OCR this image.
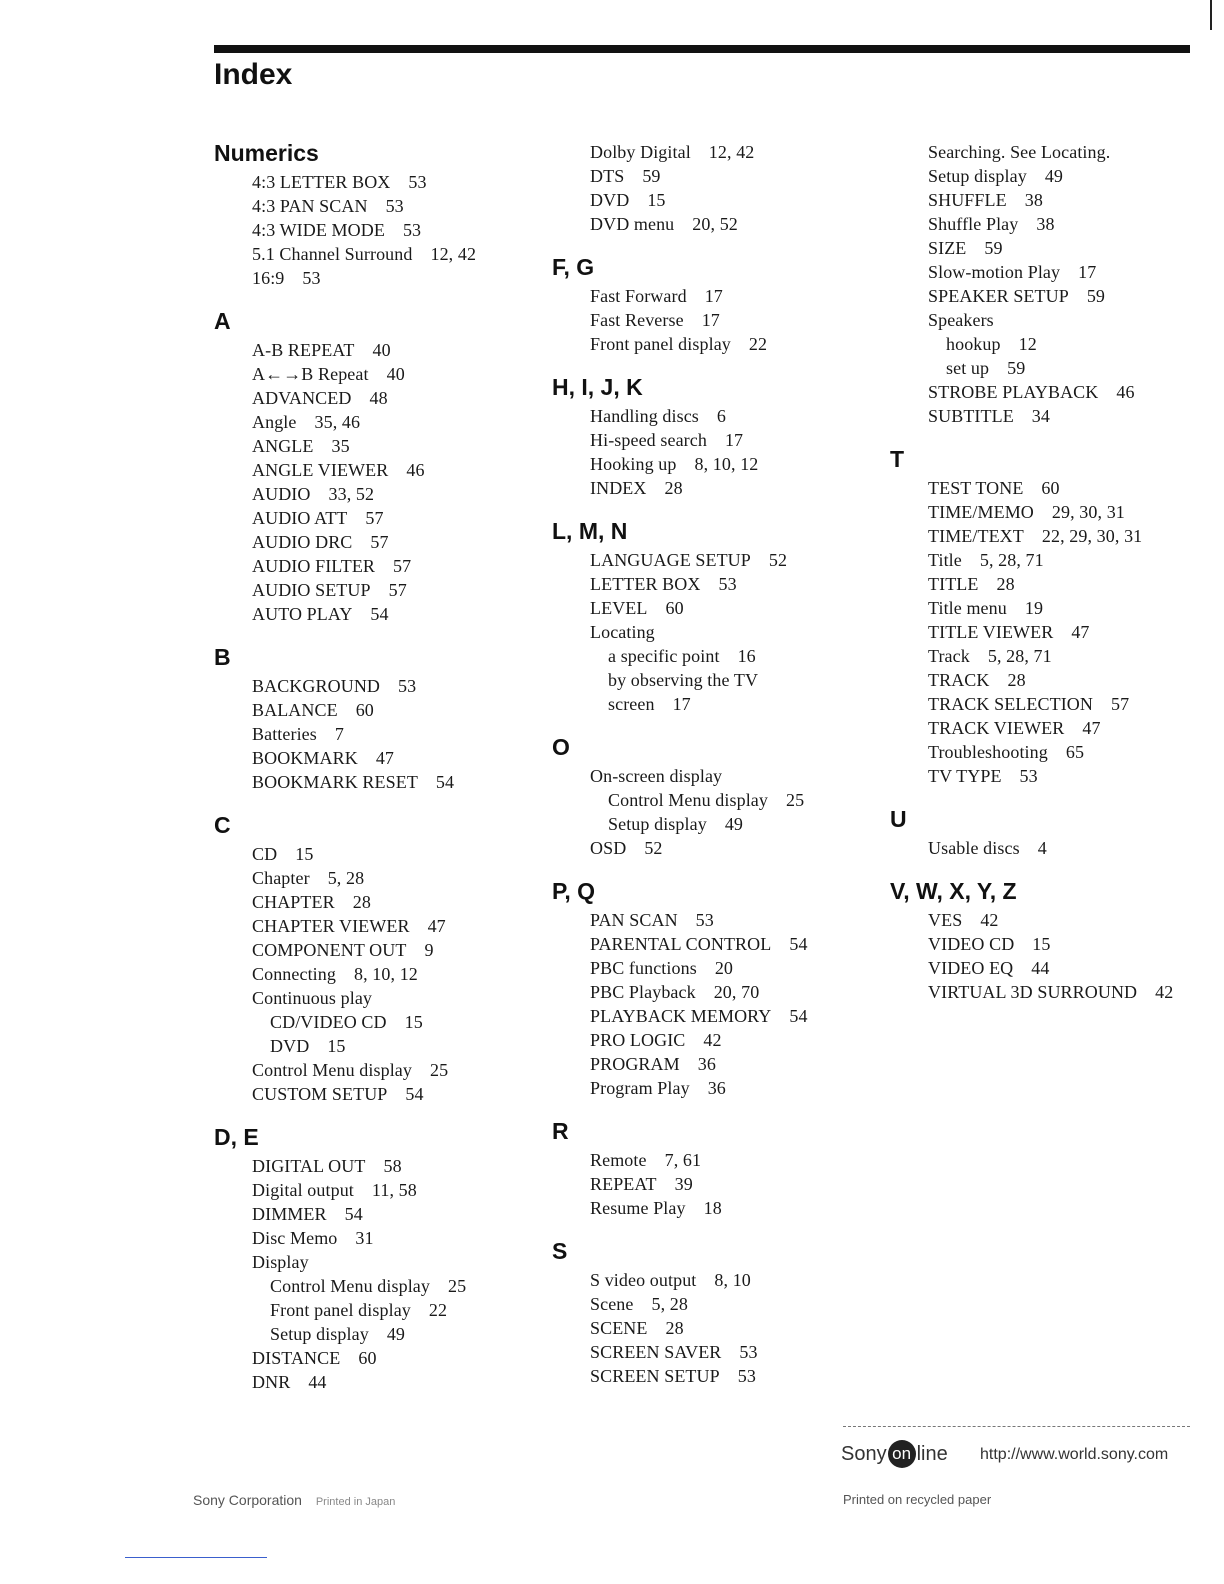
Index
Numerics
4:3 LETTER BOX 53
4:3 PAN SCAN 53
4:3 WIDE MODE 53
5.1 Channel Surround 12, 42
16:9 53
A
A-B REPEAT 40
A←→B Repeat 40
ADVANCED 48
Angle 35, 46
ANGLE 35
ANGLE VIEWER 46
AUDIO 33, 52
AUDIO ATT 57
AUDIO DRC 57
AUDIO FILTER 57
AUDIO SETUP 57
AUTO PLAY 54
B
BACKGROUND 53
BALANCE 60
Batteries 7
BOOKMARK 47
BOOKMARK RESET 54
C
CD 15
Chapter 5, 28
CHAPTER 28
CHAPTER VIEWER 47
COMPONENT OUT 9
Connecting 8, 10, 12
Continuous play
CD/VIDEO CD 15
DVD 15
Control Menu display 25
CUSTOM SETUP 54
D, E
DIGITAL OUT 58
Digital output 11, 58
DIMMER 54
Disc Memo 31
Display
Control Menu display 25
Front panel display 22
Setup display 49
DISTANCE 60
DNR 44
Dolby Digital 12, 42
DTS 59
DVD 15
DVD menu 20, 52
F, G
Fast Forward 17
Fast Reverse 17
Front panel display 22
H, I, J, K
Handling discs 6
Hi-speed search 17
Hooking up 8, 10, 12
INDEX 28
L, M, N
LANGUAGE SETUP 52
LETTER BOX 53
LEVEL 60
Locating
a specific point 16
by observing the TV
screen 17
O
On-screen display
Control Menu display 25
Setup display 49
OSD 52
P, Q
PAN SCAN 53
PARENTAL CONTROL 54
PBC functions 20
PBC Playback 20, 70
PLAYBACK MEMORY 54
PRO LOGIC 42
PROGRAM 36
Program Play 36
R
Remote 7, 61
REPEAT 39
Resume Play 18
S
S video output 8, 10
Scene 5, 28
SCENE 28
SCREEN SAVER 53
SCREEN SETUP 53
Searching. See Locating.
Setup display 49
SHUFFLE 38
Shuffle Play 38
SIZE 59
Slow-motion Play 17
SPEAKER SETUP 59
Speakers
hookup 12
set up 59
STROBE PLAYBACK 46
SUBTITLE 34
T
TEST TONE 60
TIME/MEMO 29, 30, 31
TIME/TEXT 22, 29, 30, 31
Title 5, 28, 71
TITLE 28
Title menu 19
TITLE VIEWER 47
Track 5, 28, 71
TRACK 28
TRACK SELECTION 57
TRACK VIEWER 47
Troubleshooting 65
TV TYPE 53
U
Usable discs 4
V, W, X, Y, Z
VES 42
VIDEO CD 15
VIDEO EQ 44
VIRTUAL 3D SURROUND 42
Sony Corporation Printed in Japan
Sony on line http://www.world.sony.com
Printed on recycled paper
